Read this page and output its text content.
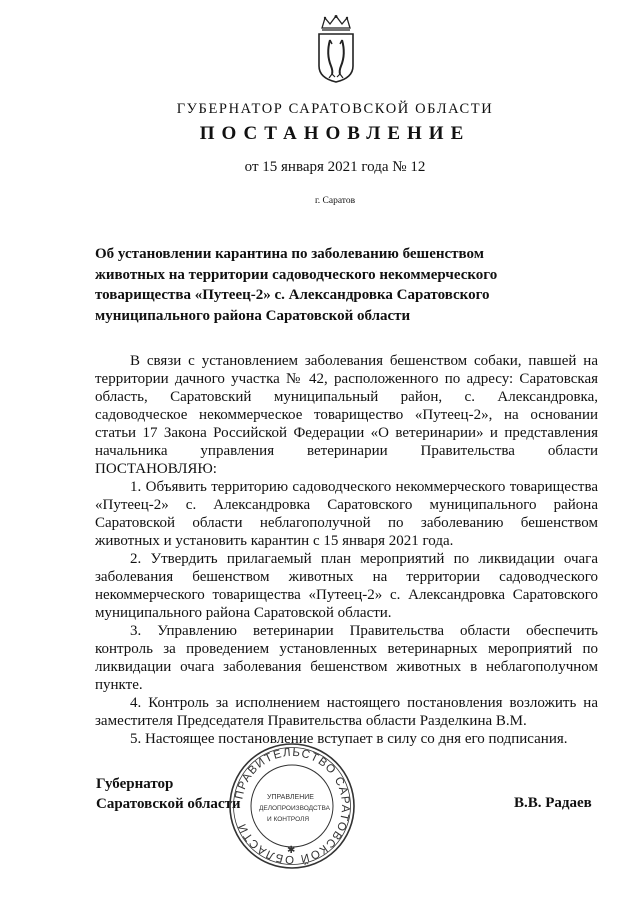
ГУБЕРНАТОР САРАТОВСКОЙ ОБЛАСТИ
ПОСТАНОВЛЕНИЕ
от 15 января 2021 года № 12
г. Саратов
Об установлении карантина по заболеванию бешенством животных на территории садоводческого некоммерческого товарищества «Путеец-2» с. Александровка Саратовского муниципального района Саратовской области

В связи с установлением заболевания бешенством собаки, павшей на территории дачного участка № 42, расположенного по адресу: Саратовская область, Саратовский муниципальный район, с. Александровка, садоводческое некоммерческое товарищество «Путеец-2», на основании статьи 17 Закона Российской Федерации «О ветеринарии» и представления начальника управления ветеринарии Правительства области ПОСТАНОВЛЯЮ:

1. Объявить территорию садоводческого некоммерческого товарищества «Путеец-2» с. Александровка Саратовского муниципального района Саратовской области неблагополучной по заболеванию бешенством животных и установить карантин с 15 января 2021 года.

2. Утвердить прилагаемый план мероприятий по ликвидации очага заболевания бешенством животных на территории садоводческого некоммерческого товарищества «Путеец-2» с. Александровка Саратовского муниципального района Саратовской области.

3. Управлению ветеринарии Правительства области обеспечить контроль за проведением установленных ветеринарных мероприятий по ликвидации очага заболевания бешенством животных в неблагополучном пункте.

4. Контроль за исполнением настоящего постановления возложить на заместителя Председателя Правительства области Разделкина В.М.

5. Настоящее постановление вступает в силу со дня его подписания.

Губернатор
Саратовской области	В.В. Радаев
ПРАВИТЕЛЬСТВО САРАТОВСКОЙ ОБЛАСТИ
УПРАВЛЕНИЕ
ДЕЛОПРОИЗВОДСТВА
И КОНТРОЛЯ
✱
